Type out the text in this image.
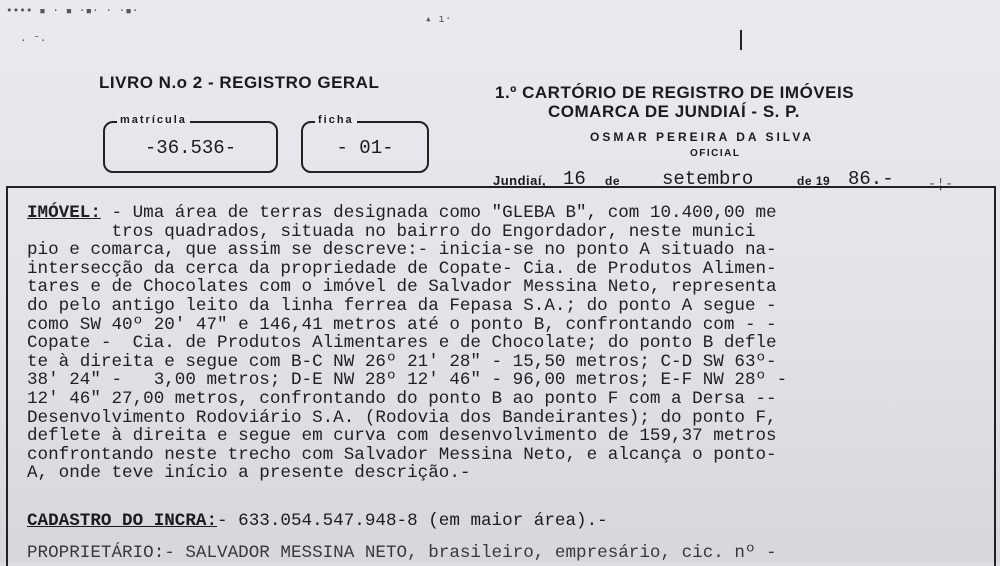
•••• ▪ · ▪ ·▪· · ·▪·
▴ ı·
· ˉ·
LIVRO N.o 2 - REGISTRO GERAL
1.º CARTÓRIO DE REGISTRO DE IMÓVEIS
COMARCA DE JUNDIAÍ - S. P.
OSMAR PEREIRA DA SILVA
OFICIAL
matrícula
-36.536-
ficha
- 01-
Jundiaí, 16 de setembro	de 19 86.- -¦-
IMÓVEL: - Uma área de terras designada como "GLEBA B", com 10.400,00 me
tros quadrados, situada no bairro do Engordador, neste munici
pio e comarca, que assim se descreve:- inicia-se no ponto A situado na-
intersecção da cerca da propriedade de Copate- Cia. de Produtos Alimen-
tares e de Chocolates com o imóvel de Salvador Messina Neto, representa
do pelo antigo leito da linha ferrea da Fepasa S.A.; do ponto A segue -
como SW 40º 20' 47" e 146,41 metros até o ponto B, confrontando com - -
Copate -  Cia. de Produtos Alimentares e de Chocolate; do ponto B defle
te à direita e segue com B-C NW 26º 21' 28" - 15,50 metros; C-D SW 63º-
38' 24" -   3,00 metros; D-E NW 28º 12' 46" - 96,00 metros; E-F NW 28º -
12' 46" 27,00 metros, confrontando do ponto B ao ponto F com a Dersa --
Desenvolvimento Rodoviário S.A. (Rodovia dos Bandeirantes); do ponto F,
deflete à direita e segue em curva com desenvolvimento de 159,37 metros
confrontando neste trecho com Salvador Messina Neto, e alcança o ponto-
A, onde teve início a presente descrição.-
CADASTRO DO INCRA:- 633.054.547.948-8 (em maior área).-
PROPRIETÁRIO:- SALVADOR MESSINA NETO, brasileiro, empresário, cic. nº -
